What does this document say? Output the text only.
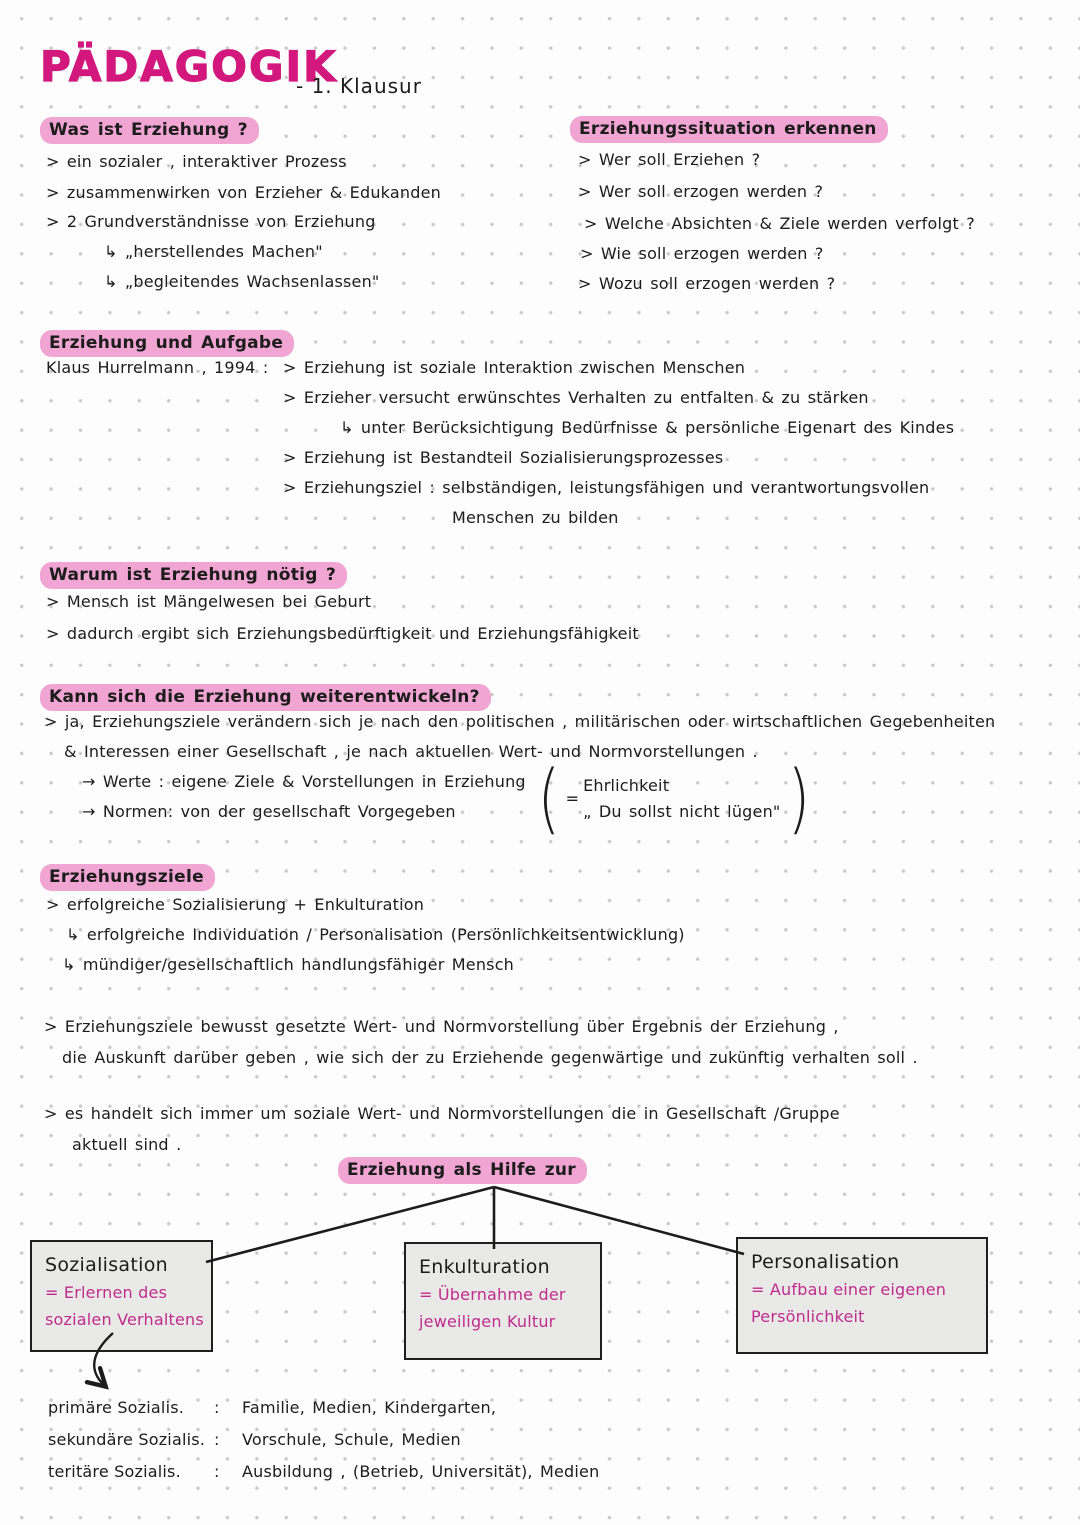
PÄDAGOGIK
- 1. Klausur
Was ist Erziehung ?
> ein sozialer , interaktiver Prozess
> zusammenwirken von Erzieher & Edukanden
> 2 Grundverständnisse von Erziehung
↳ „herstellendes Machen"
↳ „begleitendes Wachsenlassen"
Erziehungssituation erkennen
> Wer soll Erziehen ?
> Wer soll erzogen werden ?
> Welche Absichten & Ziele werden verfolgt ?
> Wie soll erzogen werden ?
> Wozu soll erzogen werden ?
Erziehung und Aufgabe
Klaus Hurrelmann , 1994 : > Erziehung ist soziale Interaktion zwischen Menschen
> Erzieher versucht erwünschtes Verhalten zu entfalten & zu stärken
↳ unter Berücksichtigung Bedürfnisse & persönliche Eigenart des Kindes
> Erziehung ist Bestandteil Sozialisierungsprozesses
> Erziehungsziel : selbständigen, leistungsfähigen und verantwortungsvollen
Menschen zu bilden
Warum ist Erziehung nötig ?
> Mensch ist Mängelwesen bei Geburt
> dadurch ergibt sich Erziehungsbedürftigkeit und Erziehungsfähigkeit
Kann sich die Erziehung weiterentwickeln?
> ja, Erziehungsziele verändern sich je nach den politischen , militärischen oder wirtschaftlichen Gegebenheiten
& Interessen einer Gesellschaft , je nach aktuellen Wert- und Normvorstellungen .
→ Werte : eigene Ziele & Vorstellungen in Erziehung
→ Normen: von der gesellschaft Vorgegeben ( =
Ehrlichkeit
„ Du sollst nicht lügen" )
Erziehungsziele
> erfolgreiche Sozialisierung + Enkulturation
↳ erfolgreiche Individuation / Personalisation (Persönlichkeitsentwicklung)
↳ mündiger/gesellschaftlich handlungsfähiger Mensch
> Erziehungsziele bewusst gesetzte Wert- und Normvorstellung über Ergebnis der Erziehung ,
die Auskunft darüber geben , wie sich der zu Erziehende gegenwärtige und zukünftig verhalten soll .
> es handelt sich immer um soziale Wert- und Normvorstellungen die in Gesellschaft /Gruppe
aktuell sind .
Erziehung als Hilfe zur
Sozialisation
= Erlernen des
sozialen Verhaltens
Enkulturation
= Übernahme der
jeweiligen Kultur
Personalisation
= Aufbau einer eigenen
Persönlichkeit
primäre Sozialis.	:	Familie, Medien, Kindergarten,
sekundäre Sozialis. :	Vorschule, Schule, Medien
teritäre Sozialis.	:	Ausbildung , (Betrieb, Universität), Medien
